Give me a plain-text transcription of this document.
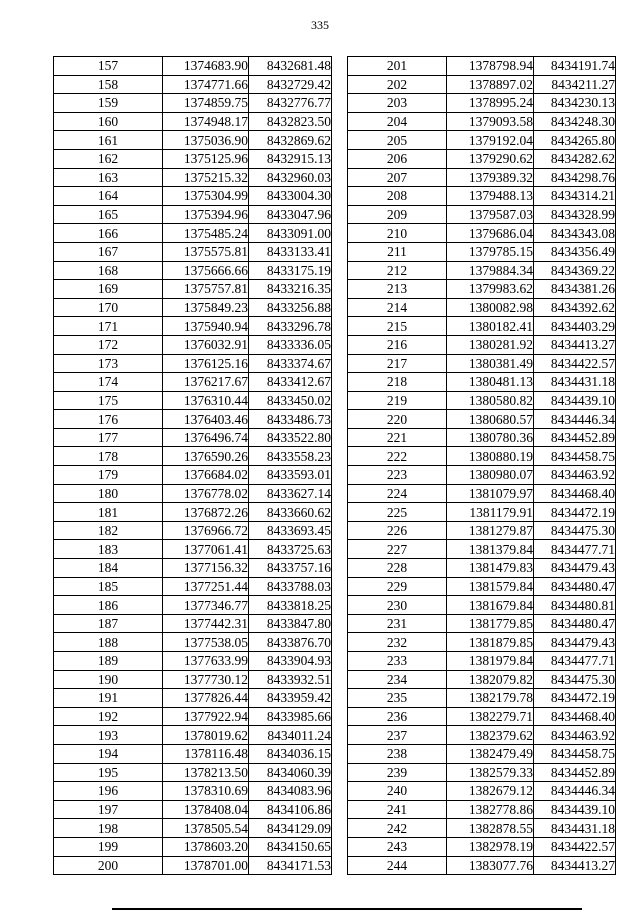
335
157	1374683.90	8432681.48
158	1374771.66	8432729.42
159	1374859.75	8432776.77
160	1374948.17	8432823.50
161	1375036.90	8432869.62
162	1375125.96	8432915.13
163	1375215.32	8432960.03
164	1375304.99	8433004.30
165	1375394.96	8433047.96
166	1375485.24	8433091.00
167	1375575.81	8433133.41
168	1375666.66	8433175.19
169	1375757.81	8433216.35
170	1375849.23	8433256.88
171	1375940.94	8433296.78
172	1376032.91	8433336.05
173	1376125.16	8433374.67
174	1376217.67	8433412.67
175	1376310.44	8433450.02
176	1376403.46	8433486.73
177	1376496.74	8433522.80
178	1376590.26	8433558.23
179	1376684.02	8433593.01
180	1376778.02	8433627.14
181	1376872.26	8433660.62
182	1376966.72	8433693.45
183	1377061.41	8433725.63
184	1377156.32	8433757.16
185	1377251.44	8433788.03
186	1377346.77	8433818.25
187	1377442.31	8433847.80
188	1377538.05	8433876.70
189	1377633.99	8433904.93
190	1377730.12	8433932.51
191	1377826.44	8433959.42
192	1377922.94	8433985.66
193	1378019.62	8434011.24
194	1378116.48	8434036.15
195	1378213.50	8434060.39
196	1378310.69	8434083.96
197	1378408.04	8434106.86
198	1378505.54	8434129.09
199	1378603.20	8434150.65
200	1378701.00	8434171.53
201	1378798.94	8434191.74
202	1378897.02	8434211.27
203	1378995.24	8434230.13
204	1379093.58	8434248.30
205	1379192.04	8434265.80
206	1379290.62	8434282.62
207	1379389.32	8434298.76
208	1379488.13	8434314.21
209	1379587.03	8434328.99
210	1379686.04	8434343.08
211	1379785.15	8434356.49
212	1379884.34	8434369.22
213	1379983.62	8434381.26
214	1380082.98	8434392.62
215	1380182.41	8434403.29
216	1380281.92	8434413.27
217	1380381.49	8434422.57
218	1380481.13	8434431.18
219	1380580.82	8434439.10
220	1380680.57	8434446.34
221	1380780.36	8434452.89
222	1380880.19	8434458.75
223	1380980.07	8434463.92
224	1381079.97	8434468.40
225	1381179.91	8434472.19
226	1381279.87	8434475.30
227	1381379.84	8434477.71
228	1381479.83	8434479.43
229	1381579.84	8434480.47
230	1381679.84	8434480.81
231	1381779.85	8434480.47
232	1381879.85	8434479.43
233	1381979.84	8434477.71
234	1382079.82	8434475.30
235	1382179.78	8434472.19
236	1382279.71	8434468.40
237	1382379.62	8434463.92
238	1382479.49	8434458.75
239	1382579.33	8434452.89
240	1382679.12	8434446.34
241	1382778.86	8434439.10
242	1382878.55	8434431.18
243	1382978.19	8434422.57
244	1383077.76	8434413.27
